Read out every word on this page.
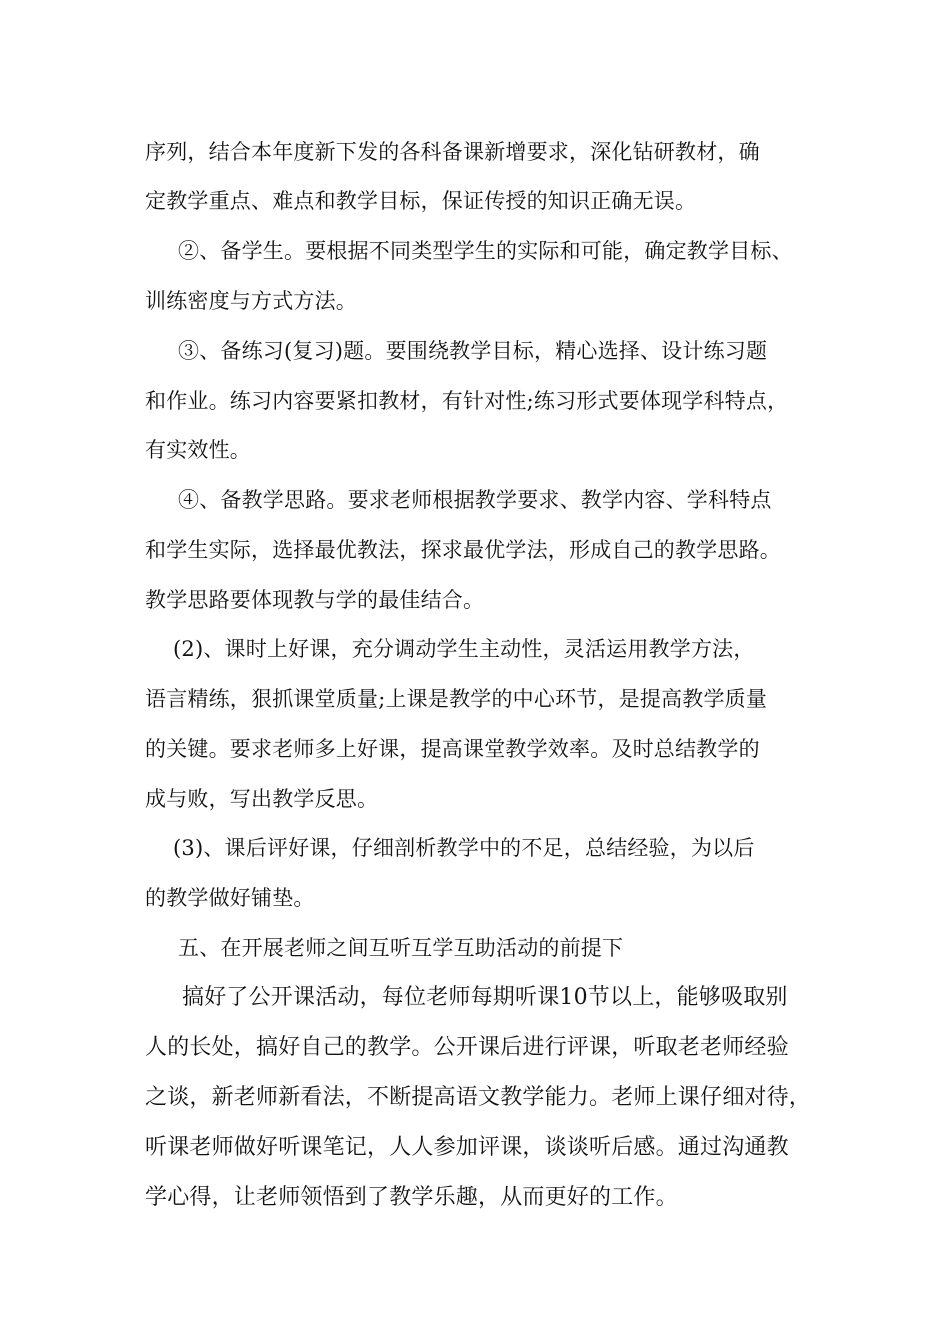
序列，结合本年度新下发的各科备课新增要求，深化钻研教材，确
定教学重点、难点和教学目标，保证传授的知识正确无误。
②、备学生。要根据不同类型学生的实际和可能，确定教学目标、
训练密度与方式方法。
③、备练习(复习)题。要围绕教学目标，精心选择、设计练习题
和作业。练习内容要紧扣教材，有针对性;练习形式要体现学科特点，
有实效性。
④、备教学思路。要求老师根据教学要求、教学内容、学科特点
和学生实际，选择最优教法，探求最优学法，形成自己的教学思路。
教学思路要体现教与学的最佳结合。
(2)、课时上好课，充分调动学生主动性，灵活运用教学方法，
语言精练，狠抓课堂质量;上课是教学的中心环节，是提高教学质量
的关键。要求老师多上好课，提高课堂教学效率。及时总结教学的
成与败，写出教学反思。
(3)、课后评好课，仔细剖析教学中的不足，总结经验，为以后
的教学做好铺垫。
五、在开展老师之间互听互学互助活动的前提下
搞好了公开课活动，每位老师每期听课10节以上，能够吸取别
人的长处，搞好自己的教学。公开课后进行评课，听取老老师经验
之谈，新老师新看法，不断提高语文教学能力。老师上课仔细对待，
听课老师做好听课笔记，人人参加评课，谈谈听后感。通过沟通教
学心得，让老师领悟到了教学乐趣，从而更好的工作。
